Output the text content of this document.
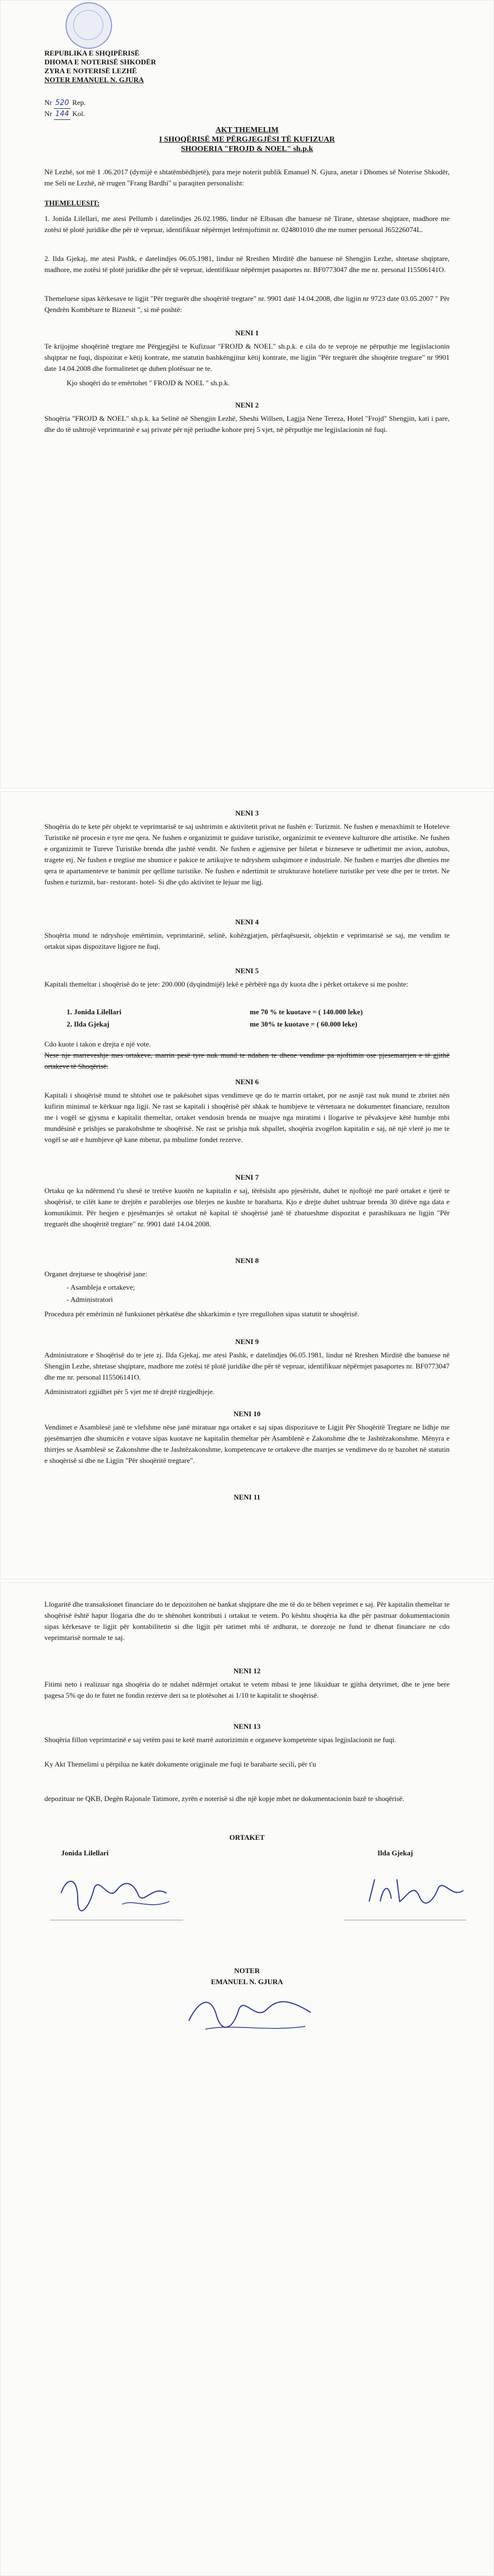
REPUBLIKA E SHQIPËRISË

DHOMA E NOTERISË SHKODËR

ZYRA E NOTERISË LEZHË

NOTER EMANUEL N. GJURA

Nr 520 Rep.

Nr 144 Kol.

AKT THEMELIM

I SHOQËRISË ME PËRGJEGJËSI TË KUFIZUAR

SHOOERIA "FROJD & NOEL" sh.p.k

Në Lezhë, sot më 1 .06.2017 (dymijë e shtatëmbëdhjetë), para meje noterit publik Emanuel N. Gjura, anetar i Dhomes së Noterise Shkodër, me Seli ne Lezhë, në rrugen "Frang Bardhi" u paraqiten personalisht:

THEMELUESIT:

1. Jonida Lilellari, me atesi Pellumb i datelindjes 26.02.1986, lindur në Elbasan dhe banuese në Tirane, shtetase shqiptare, madhore me zotësi të plotë juridike dhe për të vepruar, identifikuar nëpërmjet letërnjoftimit nr. 024801010 dhe me numer personal J65226074L.

2. Ilda Gjekaj, me atesi Pashk, e datelindjes 06.05.1981, lindur në Rreshen Mirditë dhe banuese në Shengjin Lezhe, shtetase shqiptare, madhore, me zotësi të plotë juridike dhe për të vepruar, identifikuar nëpërmjet pasaportes nr. BF0773047 dhe me nr. personal I15506141O.

Themeluese sipas kërkesave te ligjit "Për tregtarët dhe shoqëritë tregtare" nr. 9901 datë 14.04.2008, dhe ligjin nr 9723 date 03.05.2007 " Për Qendrën Kombëtare te Biznesit ", si më poshtë:

NENI 1

Te krijojme shoqërinë tregtare me Përgjegjësi te Kufizuar "FROJD & NOEL" sh.p.k. e cila do te veproje ne përputhje me legjislacionin shqiptar ne fuqi, dispozitat e këtij kontrate, me statutin bashkëngjitur këtij kontrate, me ligjin "Për tregtarët dhe shoqërite tregtare" nr 9901 date 14.04.2008 dhe formalitetet qe duhen plotësuar ne te.

Kjo shoqëri do te emërtohet " FROJD & NOEL " sh.p.k.

NENI 2

Shoqëria "FROJD & NOEL" sh.p.k. ka Selinë në Shengjin Lezhë, Sheshi Willsen, Lagjja Nene Tereza, Hotel "Frojd" Shengjin, kati i pare, dhe do të ushtrojë veprimtarinë e saj private për një periudhe kohore prej 5 vjet, në përputhje me legjislacionin në fuqi.

NENI 3

Shoqëria do te kete për objekt te veprimtarisë te saj ushtrimin e aktivitetit privat ne fushën e: Turizmit. Ne fushen e menaxhimit te Hoteleve Turistike në procesin e tyre me qera. Ne fushen e organizimit te guidave turistike, organizimit te eventeve kulturore dhe artistike. Ne fushen e organizimit te Tureve Turistike brenda dhe jashtë vendit. Ne fushen e agjensive per biletat e bizneseve te udhetimit me avion, autobus, tragete etj. Ne fushen e tregtise me shumice e pakice te artikujve te ndryshem ushqimore e industriale. Ne fushen e marrjes dhe dhenies me qera te apartamenteve te banimit per qellime turistike. Ne fushen e ndertimit te strukturave hoteliere turistike per vete dhe per te tretet. Ne fushen e turizmit, bar- restorant- hotel- Si dhe çdo aktivitet te lejuar me ligj.

NENI 4

Shoqëria mund te ndryshoje emërtimin, veprimtarinë, selinë, kohëzgjatjen, përfaqësuesit, objektin e veprimtarisë se saj, me vendim te ortakut sipas dispozitave ligjore ne fuqi.

NENI 5

Kapitali themeltar i shoqërisë do te jete: 200.000 (dyqindmijë) lekë e përbërë nga dy kuota dhe i përket ortakeve si me poshte:

1. Jonida Lilellari	me 70 % te kuotave = ( 140.000 leke)

2. Ilda Gjekaj	me 30% te kuotave = ( 60.000 leke)

Cdo kuote i takon e drejta e një vote.

Nese nje marreveshje mes ortakeve, marrin pesë tyre nuk mund te ndahen te dhene vendime pa njoftimin ose pjesemarrjen e të gjithë ortakeve të Shoqërisë.

NENI 6

Kapitali i shoqërisë mund te shtohet ose te pakësohet sipas vendimeve qe do te marrin ortaket, por ne asnjë rast nuk mund te zbritet nën kufirin minimal te kërkuar nga ligji. Ne rast se kapitali i shoqërisë për shkak te humbjeve te vërtetuara ne dokumentet financiare, rezulton me i vogël se gjysma e kapitalit themeltar, ortaket vendosin brenda ne muajve nga miratimi i llogarive te pëvaksjeve këtë humbje mbi mundësinë e prishjes se parakohshme te shoqërisë. Ne rast se prishja nuk shpallet, shoqëria zvogëlon kapitalin e saj, në një vlerë jo me te vogël se atë e humbjeve që kane mbetur, pa mbulime fondet rezerve.

NENI 7

Ortaku qe ka ndërmend t'u shesë te tretëve kuotën ne kapitalin e saj, tërësisht apo pjesërisht, duhet te njoftojë me parë ortaket e tjerë te shoqërisë, te cilët kane te drejtën e parablerjes ose blerjes ne kushte te barabarta. Kjo e drejte duhet ushtruar brenda 30 ditëve nga data e komunikimit. Për heqjen e pjesëmarrjes së ortakut në kapital të shoqërisë janë të zbatueshme dispozitat e parashikuara ne ligjin "Për tregtarët dhe shoqëritë tregtare" nr. 9901 datë 14.04.2008.

NENI 8

Organet drejtuese te shoqërisë jane:

- Asambleja e ortakeve;

- Administratori

Procedura për emërimin në funksionet përkatëse dhe shkarkimin e tyre rregullohen sipas statutit te shoqërisë.

NENI 9

Administratore e Shoqërisë do te jete zj. Ilda Gjekaj, me atesi Pashk, e datelindjes 06.05.1981, lindur në Rreshen Mirditë dhe banuese në Shengjin Lezhe, shtetase shqiptare, madhore me zotësi të plotë juridike dhe për të vepruar, identifikuar nëpërmjet pasaportes nr. BF0773047 dhe me nr. personal I15506141O.

Administratori zgjidhet për 5 vjet me të drejtë rizgjedhjeje.

NENI 10

Vendimet e Asamblesë janë te vlefshme nëse janë miratuar nga ortaket e saj sipas dispozitave te Ligjit Për Shoqëritë Tregtare ne lidhje me pjesëmarrjen dhe shumicën e votave sipas kuotave ne kapitalin themeltar për Asamblenë e Zakonshme dhe te Jashtëzakonshme. Mënyra e thirrjes se Asamblesë se Zakonshme dhe te Jashtëzakonshme, kompetencave te ortakeve dhe marrjes se vendimeve do te bazohet në statutin e shoqërisë si dhe ne Ligjin "Për shoqëritë tregtare".

NENI 11

Llogaritë dhe transaksionet financiare do te depozitohen ne bankat shqiptare dhe me të do te bëhen veprimet e saj. Për kapitalin themeltar te shoqërisë është hapur llogaria dhe do te shënohet kontributi i ortakut te vetem. Po kështu shoqëria ka dhe për pastruar dokumentacionin sipas kërkesave te ligjit për kontabilitetin si dhe ligjit për tatimet mbi të ardhurat, te dorezoje ne fund te dhenat financiare ne cdo veprimtarisë normale te saj.

NENI 12

Fitimi neto i realizuar nga shoqëria do te ndahet ndërmjet ortakut te vetem mbasi te jene likuiduar te gjitha detyrimet, dhe te jene bere pagesa 5% qe do te futet ne fondin rezerve deri sa te plotësohet ai 1/10 te kapitalit te shoqërisë.

NENI 13

Shoqëria fillon veprimtarinë e saj vetëm pasi te ketë marrë autorizimin e organeve kompetente sipas legjislacionit ne fuqi.

Ky Akt Themelimi u përpilua ne katër dokumente origjinale me fuqi te barabarte secili, për t'u

depozituar ne QKB, Degën Rajonale Tatimore, zyrën e noterisë si dhe një kopje mbet ne dokumentacionin bazë te shoqërisë.

ORTAKET

Jonida Lilellari	Ilda Gjekaj

NOTER

EMANUEL N. GJURA
